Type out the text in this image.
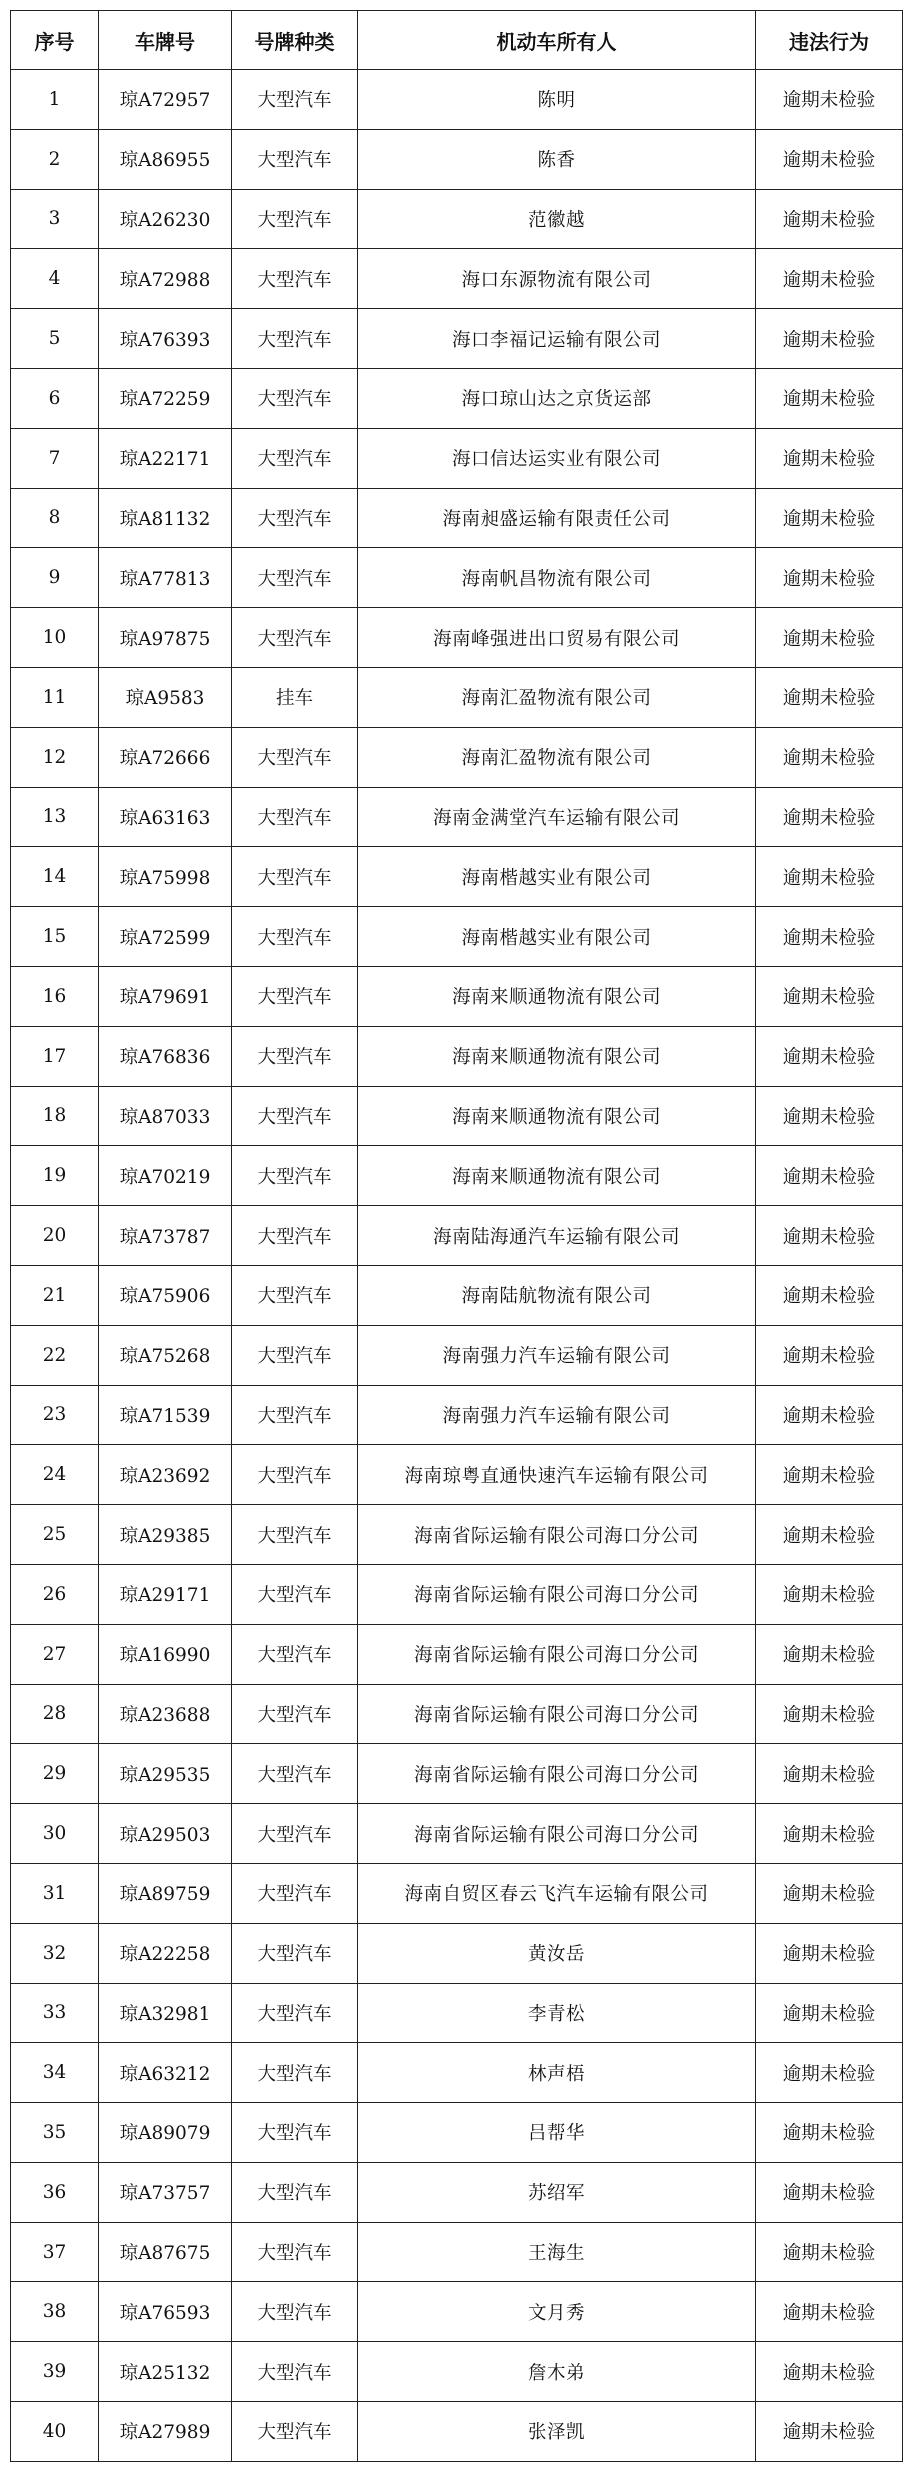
序号	车牌号	号牌种类	机动车所有人	违法行为
1	琼A72957	大型汽车	陈明	逾期未检验
2	琼A86955	大型汽车	陈香	逾期未检验
3	琼A26230	大型汽车	范徽越	逾期未检验
4	琼A72988	大型汽车	海口东源物流有限公司	逾期未检验
5	琼A76393	大型汽车	海口李福记运输有限公司	逾期未检验
6	琼A72259	大型汽车	海口琼山达之京货运部	逾期未检验
7	琼A22171	大型汽车	海口信达运实业有限公司	逾期未检验
8	琼A81132	大型汽车	海南昶盛运输有限责任公司	逾期未检验
9	琼A77813	大型汽车	海南帆昌物流有限公司	逾期未检验
10	琼A97875	大型汽车	海南峰强进出口贸易有限公司	逾期未检验
11	琼A9583	挂车	海南汇盈物流有限公司	逾期未检验
12	琼A72666	大型汽车	海南汇盈物流有限公司	逾期未检验
13	琼A63163	大型汽车	海南金满堂汽车运输有限公司	逾期未检验
14	琼A75998	大型汽车	海南楷越实业有限公司	逾期未检验
15	琼A72599	大型汽车	海南楷越实业有限公司	逾期未检验
16	琼A79691	大型汽车	海南来顺通物流有限公司	逾期未检验
17	琼A76836	大型汽车	海南来顺通物流有限公司	逾期未检验
18	琼A87033	大型汽车	海南来顺通物流有限公司	逾期未检验
19	琼A70219	大型汽车	海南来顺通物流有限公司	逾期未检验
20	琼A73787	大型汽车	海南陆海通汽车运输有限公司	逾期未检验
21	琼A75906	大型汽车	海南陆航物流有限公司	逾期未检验
22	琼A75268	大型汽车	海南强力汽车运输有限公司	逾期未检验
23	琼A71539	大型汽车	海南强力汽车运输有限公司	逾期未检验
24	琼A23692	大型汽车	海南琼粤直通快速汽车运输有限公司	逾期未检验
25	琼A29385	大型汽车	海南省际运输有限公司海口分公司	逾期未检验
26	琼A29171	大型汽车	海南省际运输有限公司海口分公司	逾期未检验
27	琼A16990	大型汽车	海南省际运输有限公司海口分公司	逾期未检验
28	琼A23688	大型汽车	海南省际运输有限公司海口分公司	逾期未检验
29	琼A29535	大型汽车	海南省际运输有限公司海口分公司	逾期未检验
30	琼A29503	大型汽车	海南省际运输有限公司海口分公司	逾期未检验
31	琼A89759	大型汽车	海南自贸区春云飞汽车运输有限公司	逾期未检验
32	琼A22258	大型汽车	黄汝岳	逾期未检验
33	琼A32981	大型汽车	李青松	逾期未检验
34	琼A63212	大型汽车	林声梧	逾期未检验
35	琼A89079	大型汽车	吕帮华	逾期未检验
36	琼A73757	大型汽车	苏绍军	逾期未检验
37	琼A87675	大型汽车	王海生	逾期未检验
38	琼A76593	大型汽车	文月秀	逾期未检验
39	琼A25132	大型汽车	詹木弟	逾期未检验
40	琼A27989	大型汽车	张泽凯	逾期未检验
